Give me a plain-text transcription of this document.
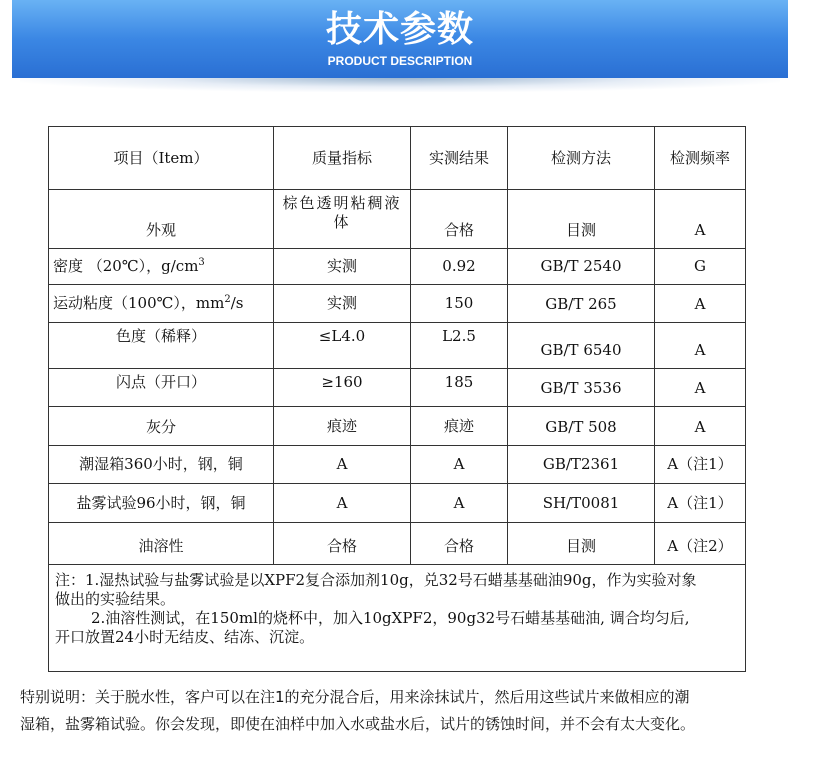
技术参数
PRODUCT DESCRIPTION
项目（Item）	质量指标	实测结果	检测方法	检测频率
外观	棕色透明粘稠液体	合格	目测	A
密度 （20℃），$g/cm^3$	实测	0.92	GB/T 2540	G
运动粘度（100℃），$mm^2/s$	实测	150	GB/T 265	A
色度（稀释）	≤L4.0	L2.5	GB/T 6540	A
闪点（开口）	≥160	185	GB/T 3536	A
灰分	痕迹	痕迹	GB/T 508	A
潮湿箱360小时，钢，铜	A	A	GB/T2361	A（注1）
盐雾试验96小时，钢，铜	A	A	SH/T0081	A（注1）
油溶性	合格	合格	目测	A（注2）

注：1.湿热试验与盐雾试验是以XPF2复合添加剂10g，兑32号石蜡基基础油90g，作为实验对象
做出的实验结果。
2.油溶性测试，在150ml的烧杯中，加入10gXPF2，90g32号石蜡基基础油, 调合均匀后,
开口放置24小时无结皮、结冻、沉淀。				
特别说明：关于脱水性，客户可以在注1的充分混合后，用来涂抹试片，然后用这些试片来做相应的潮
湿箱，盐雾箱试验。你会发现，即使在油样中加入水或盐水后，试片的锈蚀时间，并不会有太大变化。
